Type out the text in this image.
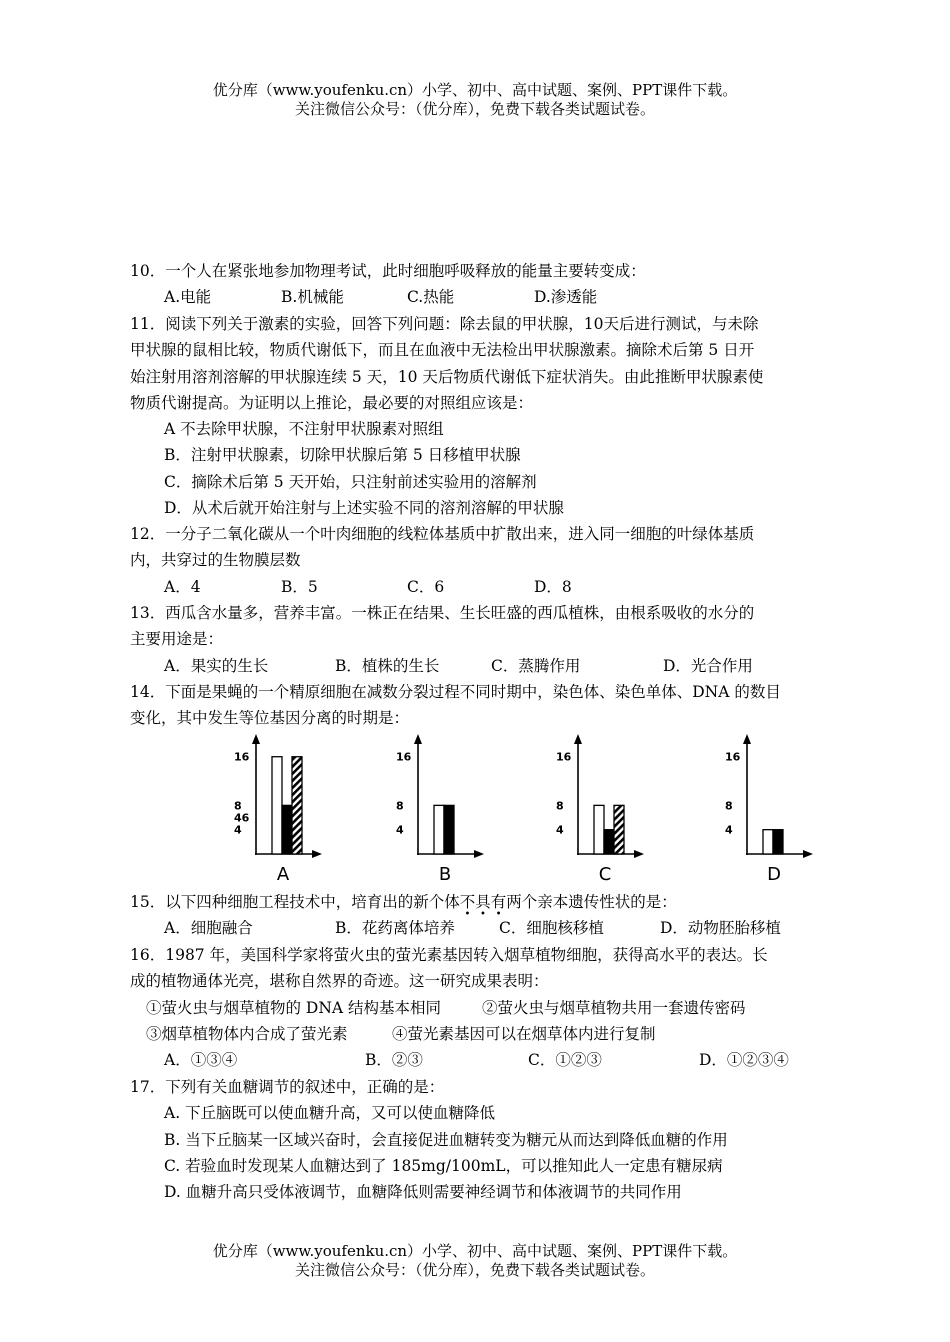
优分库（www.youfenku.cn）小学、初中、高中试题、案例、PPT课件下载。
关注微信公众号：（优分库），免费下载各类试题试卷。
10．一个人在紧张地参加物理考试，此时细胞呼吸释放的能量主要转变成：
A.电能	B.机械能	C.热能	D.渗透能
11．阅读下列关于激素的实验，回答下列问题：除去鼠的甲状腺，10天后进行测试，与未除
甲状腺的鼠相比较，物质代谢低下，而且在血液中无法检出甲状腺激素。摘除术后第 5 日开
始注射用溶剂溶解的甲状腺连续 5 天，10 天后物质代谢低下症状消失。由此推断甲状腺素使
物质代谢提高。为证明以上推论，最必要的对照组应该是：
A 不去除甲状腺，不注射甲状腺素对照组
B．注射甲状腺素，切除甲状腺后第 5 日移植甲状腺
C．摘除术后第 5 天开始，只注射前述实验用的溶解剂
D．从术后就开始注射与上述实验不同的溶剂溶解的甲状腺
12．一分子二氧化碳从一个叶肉细胞的线粒体基质中扩散出来，进入同一细胞的叶绿体基质
内，共穿过的生物膜层数
A．4	B．5	C．6	D．8
13．西瓜含水量多，营养丰富。一株正在结果、生长旺盛的西瓜植株，由根系吸收的水分的
主要用途是：
A．果实的生长	B．植株的生长	C．蒸腾作用	D．光合作用
14．下面是果蝇的一个精原细胞在减数分裂过程不同时期中，染色体、染色单体、DNA 的数目
变化，其中发生等位基因分离的时期是：
16
8
46
4
A
16
8
4
B
16
8
4
C
16
8
4
D
15．以下四种细胞工程技术中，培育出的新个体不
•
具
•
有
•
两个亲本遗传性状的是：
A．细胞融合	B．花药离体培养	C．细胞核移植	D．动物胚胎移植
16．1987 年，美国科学家将萤火虫的萤光素基因转入烟草植物细胞，获得高水平的表达。长
成的植物通体光亮，堪称自然界的奇迹。这一研究成果表明：
①萤火虫与烟草植物的 DNA 结构基本相同	②萤火虫与烟草植物共用一套遗传密码
③烟草植物体内合成了萤光素	④萤光素基因可以在烟草体内进行复制
A．①③④	B．②③	C．①②③	D．①②③④
17．下列有关血糖调节的叙述中，正确的是：
A. 下丘脑既可以使血糖升高，又可以使血糖降低
B. 当下丘脑某一区域兴奋时，会直接促进血糖转变为糖元从而达到降低血糖的作用
C. 若验血时发现某人血糖达到了 185mg/100mL，可以推知此人一定患有糖尿病
D. 血糖升高只受体液调节，血糖降低则需要神经调节和体液调节的共同作用
优分库（www.youfenku.cn）小学、初中、高中试题、案例、PPT课件下载。
关注微信公众号：（优分库），免费下载各类试题试卷。
